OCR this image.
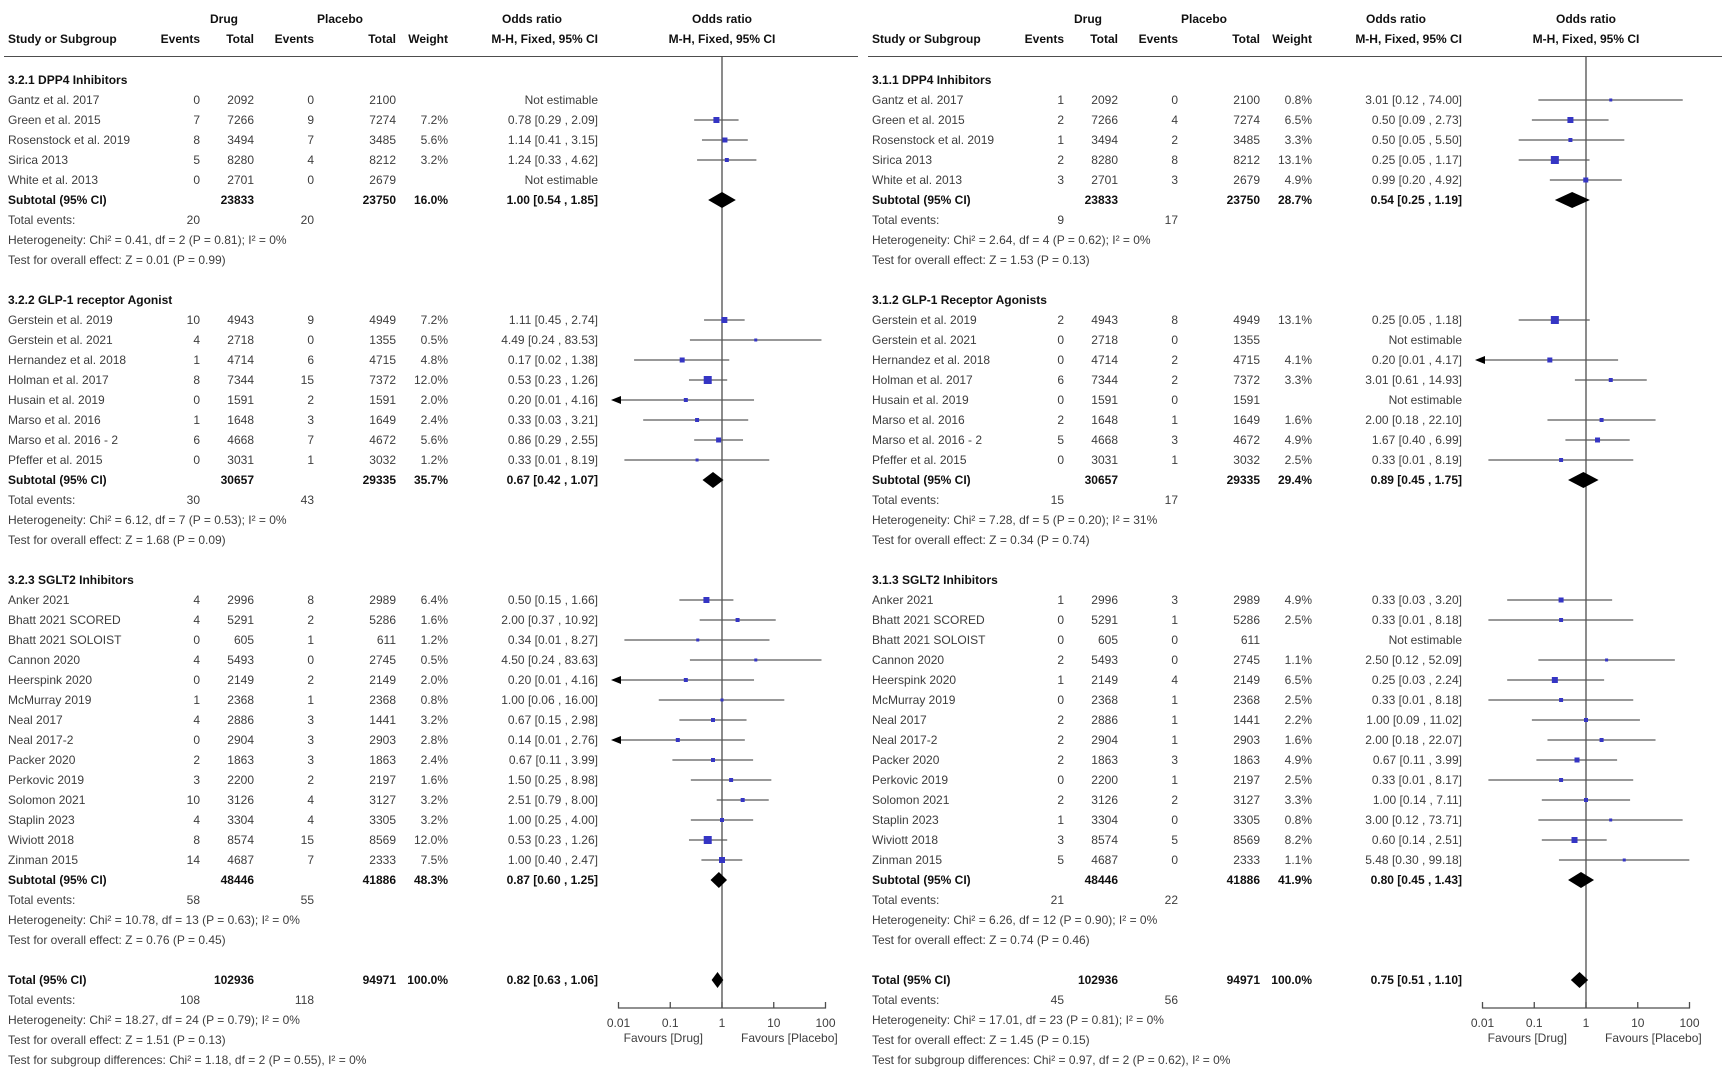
Drug	Placebo	Odds ratio	Odds ratio
Study or Subgroup	Events	Total	Events	Total	Weight	M-H, Fixed, 95% CI	M-H, Fixed, 95% CI
0.01	0.1	1	10	100
Favours [Drug]	Favours [Placebo]
3.2.1 DPP4 Inhibitors
Gantz et al. 2017	0	2092	0	2100	Not estimable
Green et al. 2015	7	7266	9	7274	7.2%	0.78 [0.29 , 2.09]
Rosenstock et al. 2019	8	3494	7	3485	5.6%	1.14 [0.41 , 3.15]
Sirica 2013	5	8280	4	8212	3.2%	1.24 [0.33 , 4.62]
White et al. 2013	0	2701	0	2679	Not estimable
Subtotal (95% CI)	23833	23750	16.0%	1.00 [0.54 , 1.85]
Total events:	20	20
Heterogeneity: Chi² = 0.41, df = 2 (P = 0.81); I² = 0%
Test for overall effect: Z = 0.01 (P = 0.99)
3.2.2 GLP-1 receptor Agonist
Gerstein et al. 2019	10	4943	9	4949	7.2%	1.11 [0.45 , 2.74]
Gerstein et al. 2021	4	2718	0	1355	0.5%	4.49 [0.24 , 83.53]
Hernandez et al. 2018	1	4714	6	4715	4.8%	0.17 [0.02 , 1.38]
Holman et al. 2017	8	7344	15	7372	12.0%	0.53 [0.23 , 1.26]
Husain et al. 2019	0	1591	2	1591	2.0%	0.20 [0.01 , 4.16]
Marso et al. 2016	1	1648	3	1649	2.4%	0.33 [0.03 , 3.21]
Marso et al. 2016 - 2	6	4668	7	4672	5.6%	0.86 [0.29 , 2.55]
Pfeffer et al. 2015	0	3031	1	3032	1.2%	0.33 [0.01 , 8.19]
Subtotal (95% CI)	30657	29335	35.7%	0.67 [0.42 , 1.07]
Total events:	30	43
Heterogeneity: Chi² = 6.12, df = 7 (P = 0.53); I² = 0%
Test for overall effect: Z = 1.68 (P = 0.09)
3.2.3 SGLT2 Inhibitors
Anker 2021	4	2996	8	2989	6.4%	0.50 [0.15 , 1.66]
Bhatt 2021 SCORED	4	5291	2	5286	1.6%	2.00 [0.37 , 10.92]
Bhatt 2021 SOLOIST	0	605	1	611	1.2%	0.34 [0.01 , 8.27]
Cannon 2020	4	5493	0	2745	0.5%	4.50 [0.24 , 83.63]
Heerspink 2020	0	2149	2	2149	2.0%	0.20 [0.01 , 4.16]
McMurray 2019	1	2368	1	2368	0.8%	1.00 [0.06 , 16.00]
Neal 2017	4	2886	3	1441	3.2%	0.67 [0.15 , 2.98]
Neal 2017-2	0	2904	3	2903	2.8%	0.14 [0.01 , 2.76]
Packer 2020	2	1863	3	1863	2.4%	0.67 [0.11 , 3.99]
Perkovic 2019	3	2200	2	2197	1.6%	1.50 [0.25 , 8.98]
Solomon 2021	10	3126	4	3127	3.2%	2.51 [0.79 , 8.00]
Staplin 2023	4	3304	4	3305	3.2%	1.00 [0.25 , 4.00]
Wiviott 2018	8	8574	15	8569	12.0%	0.53 [0.23 , 1.26]
Zinman 2015	14	4687	7	2333	7.5%	1.00 [0.40 , 2.47]
Subtotal (95% CI)	48446	41886	48.3%	0.87 [0.60 , 1.25]
Total events:	58	55
Heterogeneity: Chi² = 10.78, df = 13 (P = 0.63); I² = 0%
Test for overall effect: Z = 0.76 (P = 0.45)
Total (95% CI)	102936	94971 100.0%	0.82 [0.63 , 1.06]
Total events:	108	118
Heterogeneity: Chi² = 18.27, df = 24 (P = 0.79); I² = 0%
Test for overall effect: Z = 1.51 (P = 0.13)
Test for subgroup differences: Chi² = 1.18, df = 2 (P = 0.55), I² = 0%
Drug	Placebo	Odds ratio	Odds ratio
Study or Subgroup	Events	Total	Events	Total	Weight	M-H, Fixed, 95% CI	M-H, Fixed, 95% CI
0.01	0.1	1	10	100
Favours [Drug]	Favours [Placebo]
3.1.1 DPP4 Inhibitors
Gantz et al. 2017	1	2092	0	2100	0.8%	3.01 [0.12 , 74.00]
Green et al. 2015	2	7266	4	7274	6.5%	0.50 [0.09 , 2.73]
Rosenstock et al. 2019	1	3494	2	3485	3.3%	0.50 [0.05 , 5.50]
Sirica 2013	2	8280	8	8212	13.1%	0.25 [0.05 , 1.17]
White et al. 2013	3	2701	3	2679	4.9%	0.99 [0.20 , 4.92]
Subtotal (95% CI)	23833	23750	28.7%	0.54 [0.25 , 1.19]
Total events:	9	17
Heterogeneity: Chi² = 2.64, df = 4 (P = 0.62); I² = 0%
Test for overall effect: Z = 1.53 (P = 0.13)
3.1.2 GLP-1 Receptor Agonists
Gerstein et al. 2019	2	4943	8	4949	13.1%	0.25 [0.05 , 1.18]
Gerstein et al. 2021	0	2718	0	1355	Not estimable
Hernandez et al. 2018	0	4714	2	4715	4.1%	0.20 [0.01 , 4.17]
Holman et al. 2017	6	7344	2	7372	3.3%	3.01 [0.61 , 14.93]
Husain et al. 2019	0	1591	0	1591	Not estimable
Marso et al. 2016	2	1648	1	1649	1.6%	2.00 [0.18 , 22.10]
Marso et al. 2016 - 2	5	4668	3	4672	4.9%	1.67 [0.40 , 6.99]
Pfeffer et al. 2015	0	3031	1	3032	2.5%	0.33 [0.01 , 8.19]
Subtotal (95% CI)	30657	29335	29.4%	0.89 [0.45 , 1.75]
Total events:	15	17
Heterogeneity: Chi² = 7.28, df = 5 (P = 0.20); I² = 31%
Test for overall effect: Z = 0.34 (P = 0.74)
3.1.3 SGLT2 Inhibitors
Anker 2021	1	2996	3	2989	4.9%	0.33 [0.03 , 3.20]
Bhatt 2021 SCORED	0	5291	1	5286	2.5%	0.33 [0.01 , 8.18]
Bhatt 2021 SOLOIST	0	605	0	611	Not estimable
Cannon 2020	2	5493	0	2745	1.1%	2.50 [0.12 , 52.09]
Heerspink 2020	1	2149	4	2149	6.5%	0.25 [0.03 , 2.24]
McMurray 2019	0	2368	1	2368	2.5%	0.33 [0.01 , 8.18]
Neal 2017	2	2886	1	1441	2.2%	1.00 [0.09 , 11.02]
Neal 2017-2	2	2904	1	2903	1.6%	2.00 [0.18 , 22.07]
Packer 2020	2	1863	3	1863	4.9%	0.67 [0.11 , 3.99]
Perkovic 2019	0	2200	1	2197	2.5%	0.33 [0.01 , 8.17]
Solomon 2021	2	3126	2	3127	3.3%	1.00 [0.14 , 7.11]
Staplin 2023	1	3304	0	3305	0.8%	3.00 [0.12 , 73.71]
Wiviott 2018	3	8574	5	8569	8.2%	0.60 [0.14 , 2.51]
Zinman 2015	5	4687	0	2333	1.1%	5.48 [0.30 , 99.18]
Subtotal (95% CI)	48446	41886	41.9%	0.80 [0.45 , 1.43]
Total events:	21	22
Heterogeneity: Chi² = 6.26, df = 12 (P = 0.90); I² = 0%
Test for overall effect: Z = 0.74 (P = 0.46)
Total (95% CI)	102936	94971 100.0%	0.75 [0.51 , 1.10]
Total events:	45	56
Heterogeneity: Chi² = 17.01, df = 23 (P = 0.81); I² = 0%
Test for overall effect: Z = 1.45 (P = 0.15)
Test for subgroup differences: Chi² = 0.97, df = 2 (P = 0.62), I² = 0%
